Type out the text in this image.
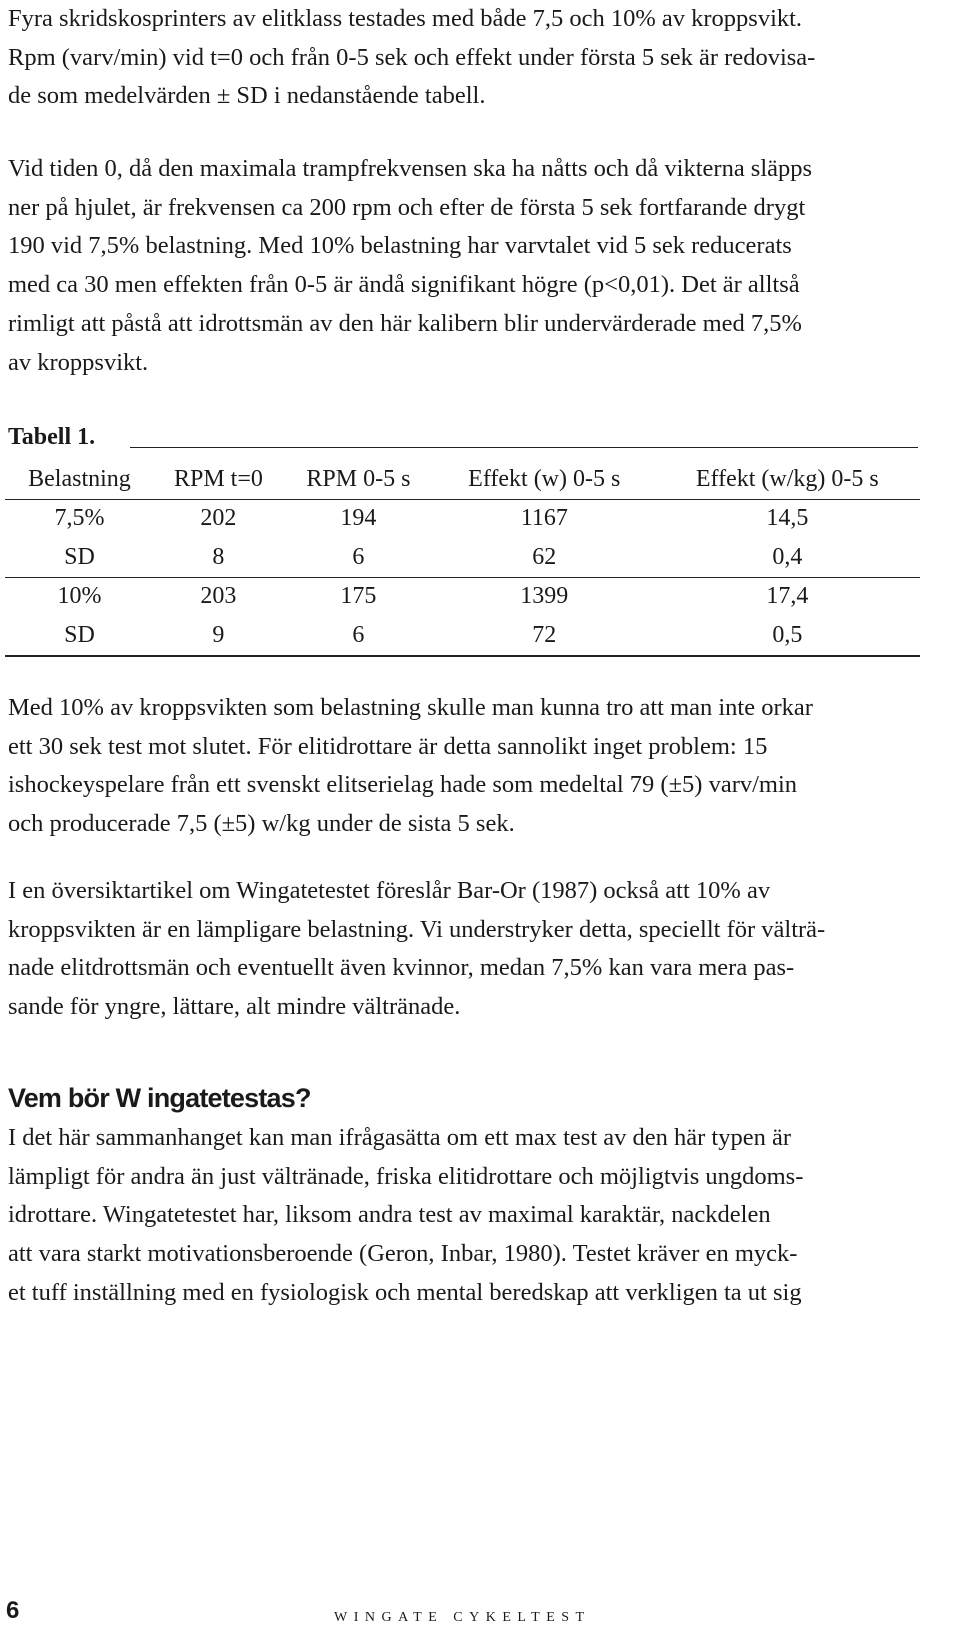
Fyra skridskosprinters av elitklass testades med både 7,5 och 10% av kroppsvikt.
Rpm (varv/min) vid t=0 och från 0-5 sek och effekt under första 5 sek är redovisa-
de som medelvärden ± SD i nedanstående tabell.

Vid tiden 0, då den maximala trampfrekvensen ska ha nåtts och då vikterna släpps
ner på hjulet, är frekvensen ca 200 rpm och efter de första 5 sek fortfarande drygt
190 vid 7,5% belastning. Med 10% belastning har varvtalet vid 5 sek reducerats
med ca 30 men effekten från 0-5 är ändå signifikant högre (p<0,01). Det är alltså
rimligt att påstå att idrottsmän av den här kalibern blir undervärderade med 7,5%
av kroppsvikt.

Tabell 1.
Belastning	RPM t=0	RPM 0-5 s	Effekt (w) 0-5 s	Effekt (w/kg) 0-5 s
7,5%	202	194	1167	14,5
SD	8	6	62	0,4
10%	203	175	1399	17,4
SD	9	6	72	0,5

Med 10% av kroppsvikten som belastning skulle man kunna tro att man inte orkar
ett 30 sek test mot slutet. För elitidrottare är detta sannolikt inget problem: 15
ishockeyspelare från ett svenskt elitserielag hade som medeltal 79 (±5) varv/min
och producerade 7,5 (±5) w/kg under de sista 5 sek.

I en översiktartikel om Wingatetestet föreslår Bar-Or (1987) också att 10% av
kroppsvikten är en lämpligare belastning. Vi understryker detta, speciellt för välträ-
nade elitdrottsmän och eventuellt även kvinnor, medan 7,5% kan vara mera pas-
sande för yngre, lättare, alt mindre vältränade.

Vem bör W ingatetestas?

I det här sammanhanget kan man ifrågasätta om ett max test av den här typen är
lämpligt för andra än just vältränade, friska elitidrottare och möjligtvis ungdoms-
idrottare. Wingatetestet har, liksom andra test av maximal karaktär, nackdelen
att vara starkt motivationsberoende (Geron, Inbar, 1980). Testet kräver en myck-
et tuff inställning med en fysiologisk och mental beredskap att verkligen ta ut sig

6	WINGATE CYKELTEST
